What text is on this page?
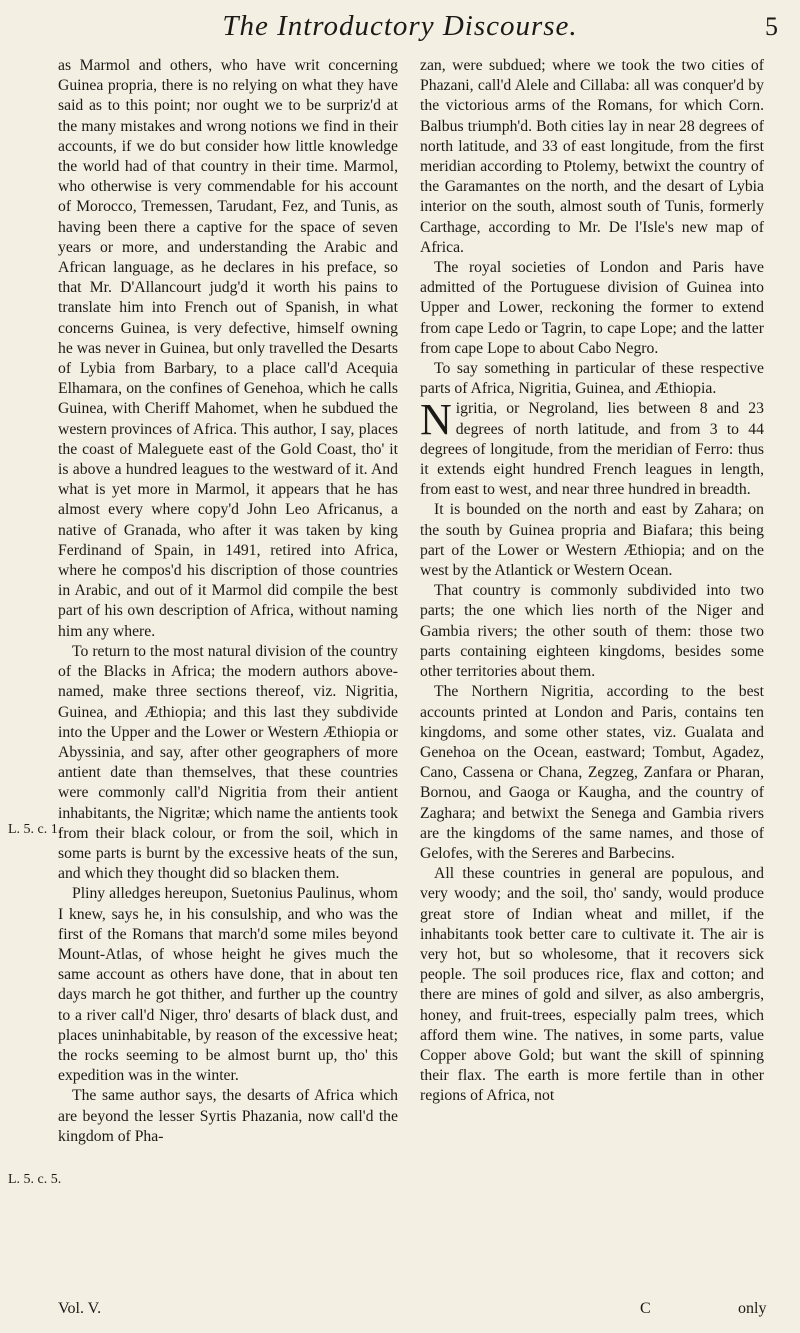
The Introductory Discourse.	5

as Marmol and others, who have writ concerning Guinea propria, there is no relying on what they have said as to this point; nor ought we to be surpriz'd at the many mistakes and wrong notions we find in their accounts, if we do but consider how little knowledge the world had of that country in their time. Marmol, who otherwise is very commendable for his account of Morocco, Tremessen, Tarudant, Fez, and Tunis, as having been there a captive for the space of seven years or more, and understanding the Arabic and African language, as he declares in his preface, so that Mr. D'Allancourt judg'd it worth his pains to translate him into French out of Spanish, in what concerns Guinea, is very defective, himself owning he was never in Guinea, but only travelled the Desarts of Lybia from Barbary, to a place call'd Acequia Elhamara, on the confines of Genehoa, which he calls Guinea, with Cheriff Mahomet, when he subdued the western provinces of Africa. This author, I say, places the coast of Maleguete east of the Gold Coast, tho' it is above a hundred leagues to the westward of it. And what is yet more in Marmol, it appears that he has almost every where copy'd John Leo Africanus, a native of Granada, who after it was taken by king Ferdinand of Spain, in 1491, retired into Africa, where he compos'd his discription of those countries in Arabic, and out of it Marmol did compile the best part of his own description of Africa, without naming him any where.

To return to the most natural division of the country of the Blacks in Africa; the modern authors above-named, make three sections thereof, viz. Nigritia, Guinea, and Æthiopia; and this last they subdivide into the Upper and the Lower or Western Æthiopia or Abyssinia, and say, after other geographers of more antient date than themselves, that these countries were commonly call'd Nigritia from their antient inhabitants, the Nigritæ; which name the antients took from their black colour, or from the soil, which in some parts is burnt by the excessive heats of the sun, and which they thought did so blacken them.

Pliny alledges hereupon, Suetonius Paulinus, whom I knew, says he, in his consulship, and who was the first of the Romans that march'd some miles beyond Mount-Atlas, of whose height he gives much the same account as others have done, that in about ten days march he got thither, and further up the country to a river call'd Niger, thro' desarts of black dust, and places uninhabitable, by reason of the excessive heat; the rocks seeming to be almost burnt up, tho' this expedition was in the winter.

The same author says, the desarts of Africa which are beyond the lesser Syrtis Phazania, now call'd the kingdom of Pha-

L. 5. c. 1.
L. 5. c. 5.

zan, were subdued; where we took the two cities of Phazani, call'd Alele and Cillaba: all was conquer'd by the victorious arms of the Romans, for which Corn. Balbus triumph'd. Both cities lay in near 28 degrees of north latitude, and 33 of east longitude, from the first meridian according to Ptolemy, betwixt the country of the Garamantes on the north, and the desart of Lybia interior on the south, almost south of Tunis, formerly Carthage, according to Mr. De l'Isle's new map of Africa.

The royal societies of London and Paris have admitted of the Portuguese division of Guinea into Upper and Lower, reckoning the former to extend from cape Ledo or Tagrin, to cape Lope; and the latter from cape Lope to about Cabo Negro.

To say something in particular of these respective parts of Africa, Nigritia, Guinea, and Æthiopia.

Nigritia, or Negroland, lies between 8 and 23 degrees of north latitude, and from 3 to 44 degrees of longitude, from the meridian of Ferro: thus it extends eight hundred French leagues in length, from east to west, and near three hundred in breadth.

It is bounded on the north and east by Zahara; on the south by Guinea propria and Biafara; this being part of the Lower or Western Æthiopia; and on the west by the Atlantick or Western Ocean.

That country is commonly subdivided into two parts; the one which lies north of the Niger and Gambia rivers; the other south of them: those two parts containing eighteen kingdoms, besides some other territories about them.

The Northern Nigritia, according to the best accounts printed at London and Paris, contains ten kingdoms, and some other states, viz. Gualata and Genehoa on the Ocean, eastward; Tombut, Agadez, Cano, Cassena or Chana, Zegzeg, Zanfara or Pharan, Bornou, and Gaoga or Kaugha, and the country of Zaghara; and betwixt the Senega and Gambia rivers are the kingdoms of the same names, and those of Gelofes, with the Sereres and Barbecins.

All these countries in general are populous, and very woody; and the soil, tho' sandy, would produce great store of Indian wheat and millet, if the inhabitants took better care to cultivate it. The air is very hot, but so wholesome, that it recovers sick people. The soil produces rice, flax and cotton; and there are mines of gold and silver, as also ambergris, honey, and fruit-trees, especially palm trees, which afford them wine. The natives, in some parts, value Copper above Gold; but want the skill of spinning their flax. The earth is more fertile than in other regions of Africa, not

Vol. V.	C	only
